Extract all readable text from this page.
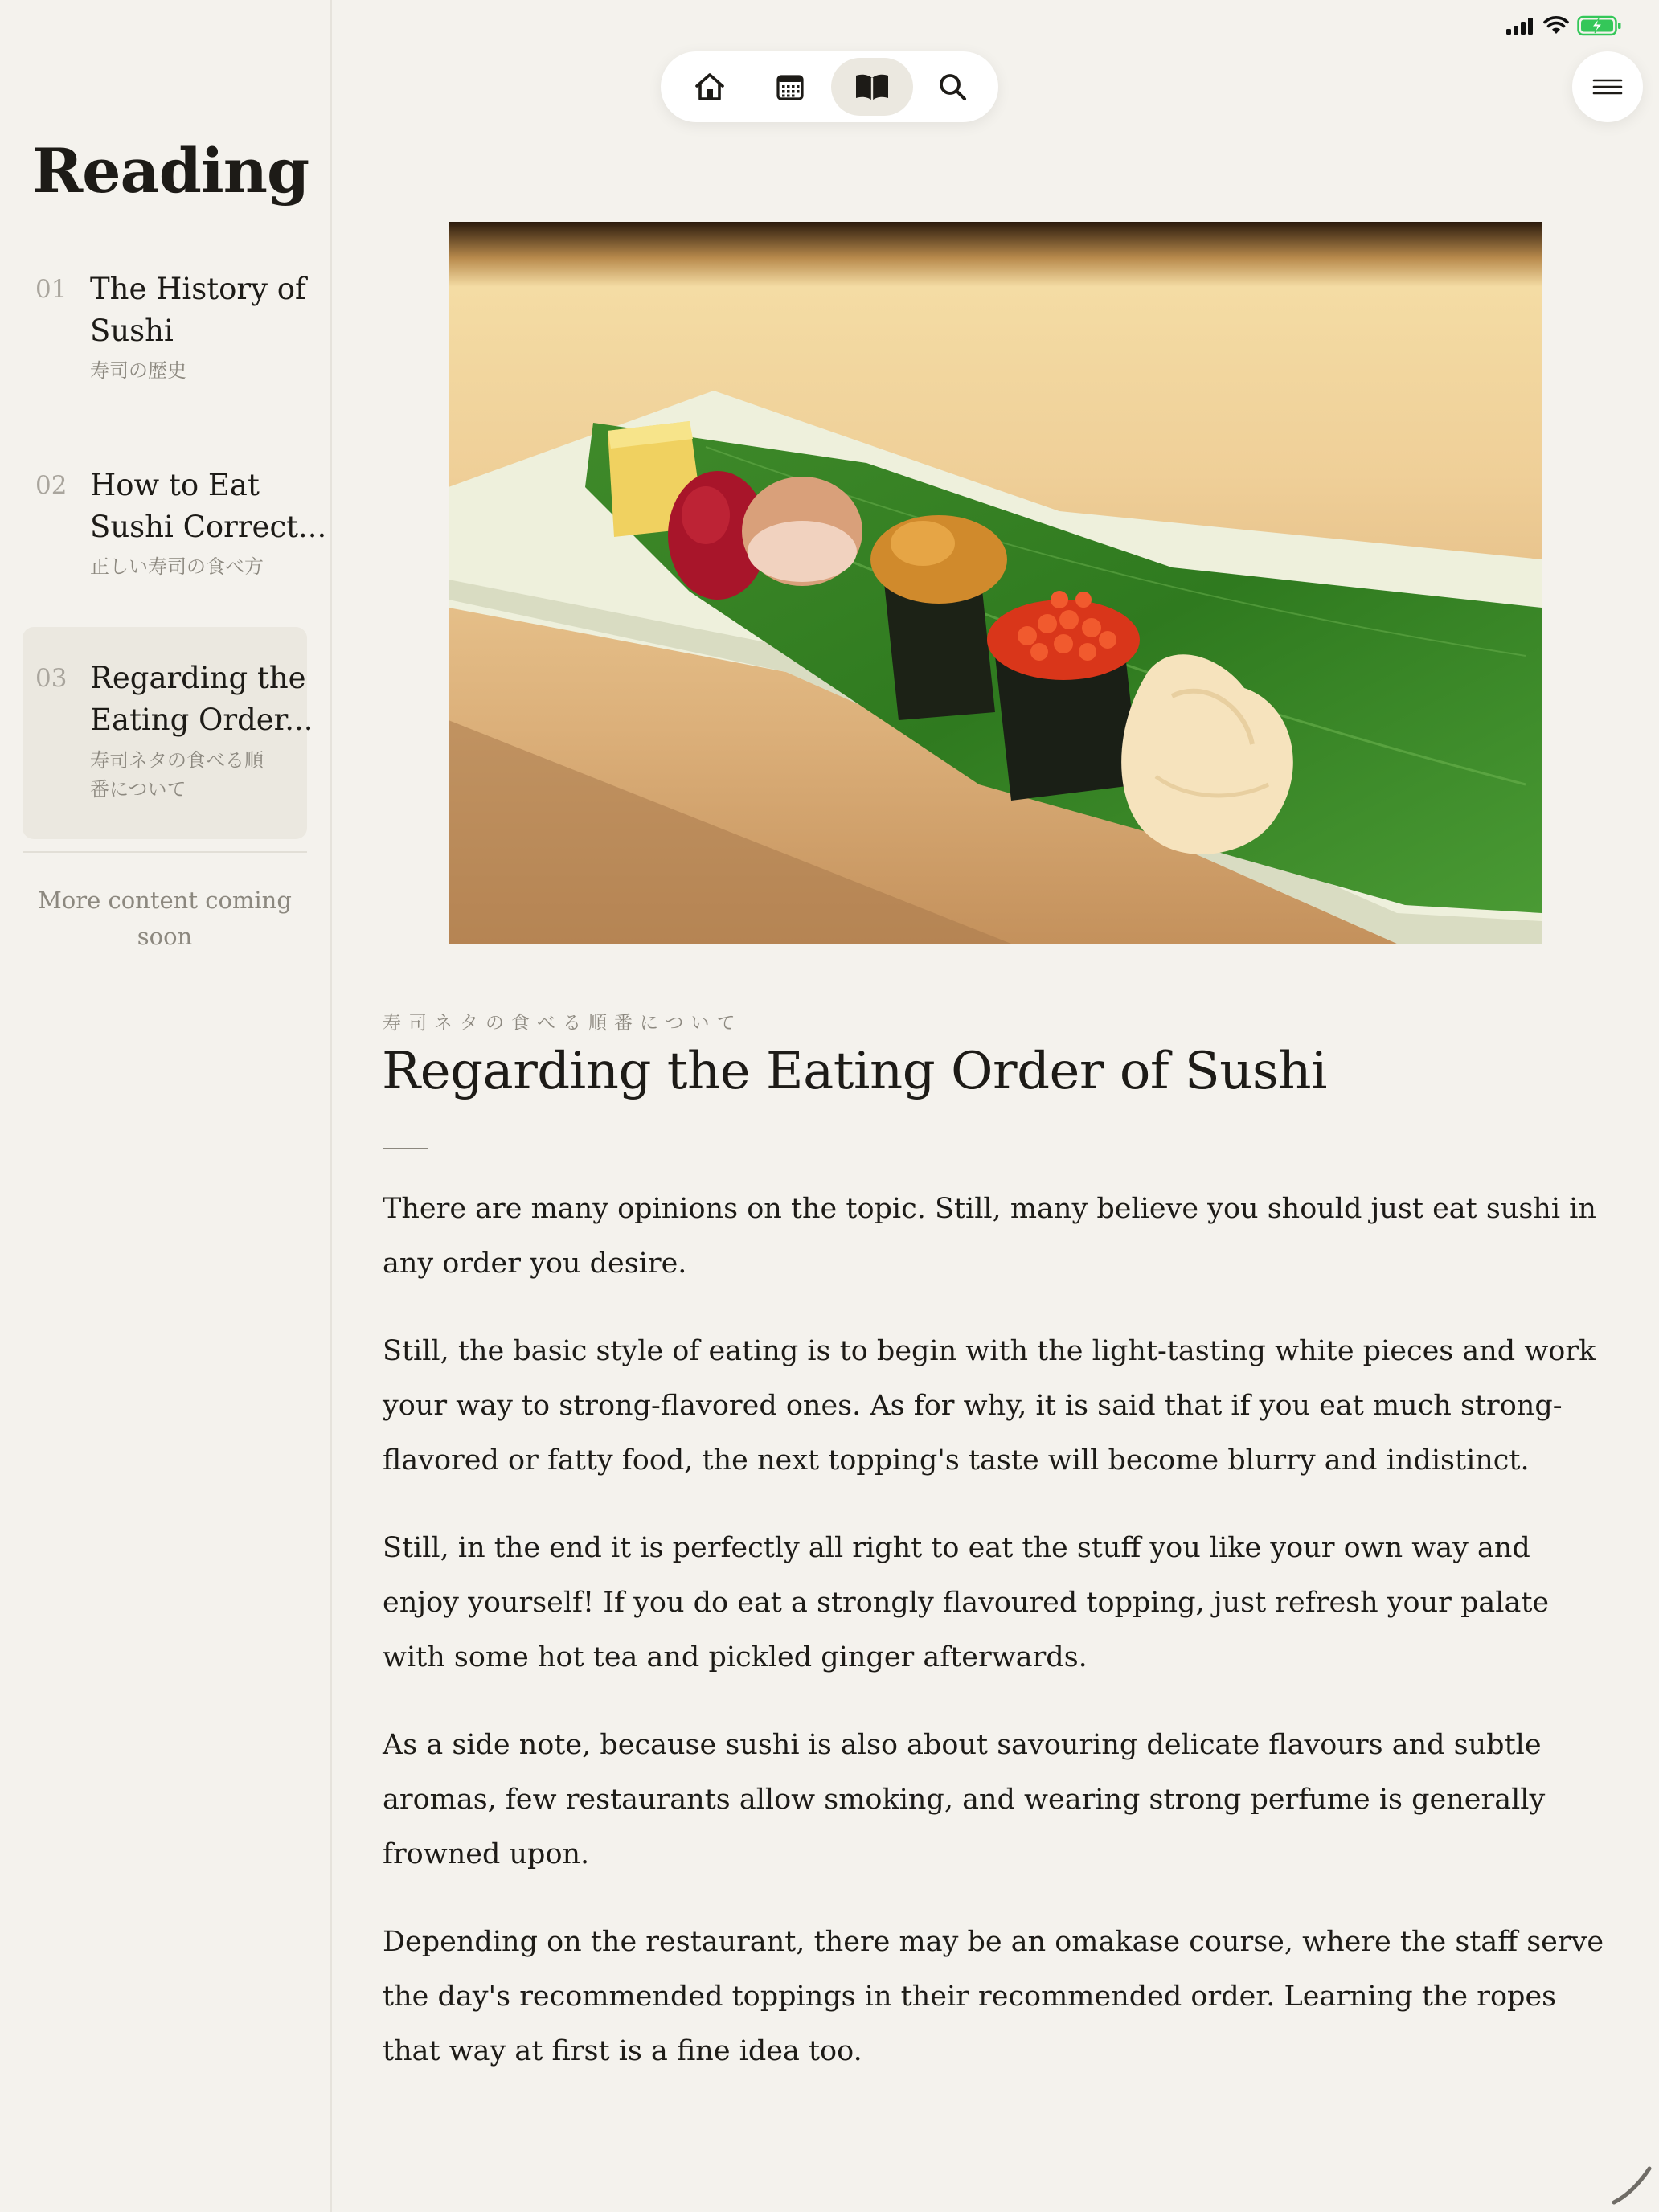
Reading
01 The History of
Sushi
寿司の歴史
02 How to Eat
Sushi Correct...
正しい寿司の食べ方
03 Regarding the
Eating Order...
寿司ネタの食べる順
番について
More content coming soon
寿司ネタの食べる順番について
Regarding the Eating Order of Sushi

There are many opinions on the topic. Still, many believe you should just eat sushi in any order you desire.

Still, the basic style of eating is to begin with the light-tasting white pieces and work your way to strong-flavored ones. As for why, it is said that if you eat much strong-flavored or fatty food, the next topping's taste will become blurry and indistinct.

Still, in the end it is perfectly all right to eat the stuff you like your own way and enjoy yourself! If you do eat a strongly flavoured topping, just refresh your palate with some hot tea and pickled ginger afterwards.

As a side note, because sushi is also about savouring delicate flavours and subtle aromas, few restaurants allow smoking, and wearing strong perfume is generally frowned upon.

Depending on the restaurant, there may be an omakase course, where the staff serve the day's recommended toppings in their recommended order. Learning the ropes that way at first is a fine idea too.
